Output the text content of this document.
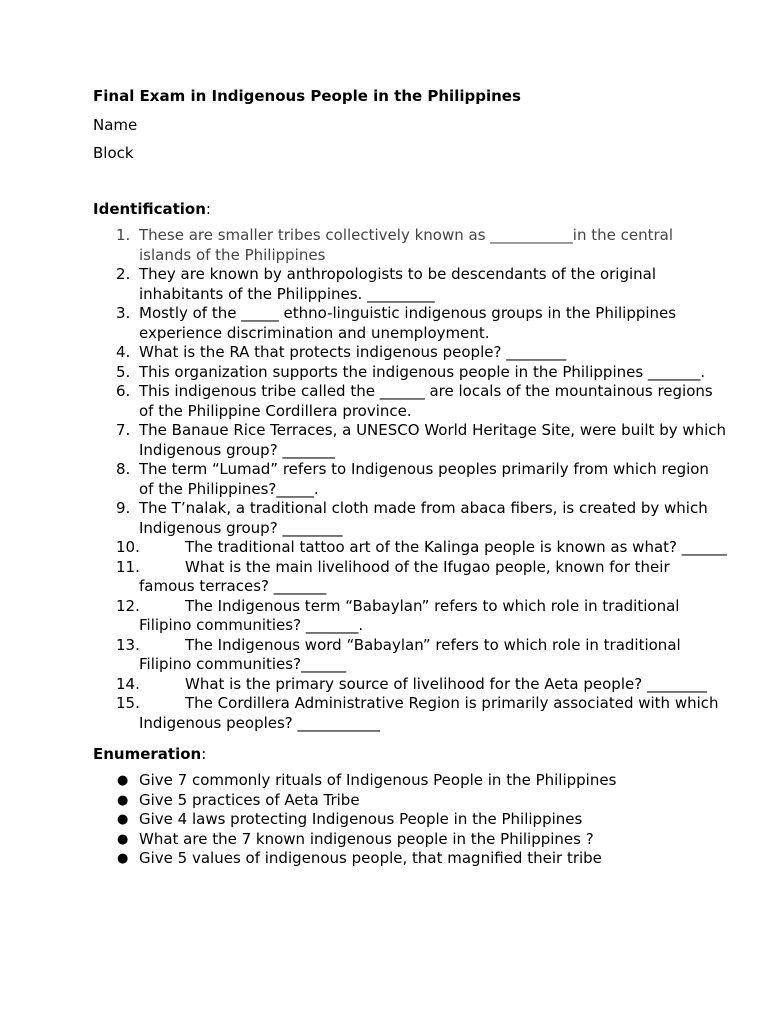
Final Exam in Indigenous People in the Philippines
Name
Block
Identification:
1. These are smaller tribes collectively known as ___________in the central islands of the Philippines
2. They are known by anthropologists to be descendants of the original inhabitants of the Philippines. _________
3. Mostly of the _____ ethno-linguistic indigenous groups in the Philippines experience discrimination and unemployment.
4. What is the RA that protects indigenous people? ________
5. This organization supports the indigenous people in the Philippines _______.
6. This indigenous tribe called the ______ are locals of the mountainous regions of the Philippine Cordillera province.
7. The Banaue Rice Terraces, a UNESCO World Heritage Site, were built by which Indigenous group? _______
8. The term “Lumad” refers to Indigenous peoples primarily from which region of the Philippines?_____.
9. The T’nalak, a traditional cloth made from abaca fibers, is created by which Indigenous group? ________
10.	The traditional tattoo art of the Kalinga people is known as what? ______
11.	What is the main livelihood of the Ifugao people, known for their famous terraces? _______
12.	The Indigenous term “Babaylan” refers to which role in traditional Filipino communities? _______.
13.	The Indigenous word “Babaylan” refers to which role in traditional Filipino communities?______
14.	What is the primary source of livelihood for the Aeta people? ________
15.	The Cordillera Administrative Region is primarily associated with which Indigenous peoples? ___________
Enumeration:
● Give 7 commonly rituals of Indigenous People in the Philippines
● Give 5 practices of Aeta Tribe
● Give 4 laws protecting Indigenous People in the Philippines
● What are the 7 known indigenous people in the Philippines ?
● Give 5 values of indigenous people, that magnified their tribe
